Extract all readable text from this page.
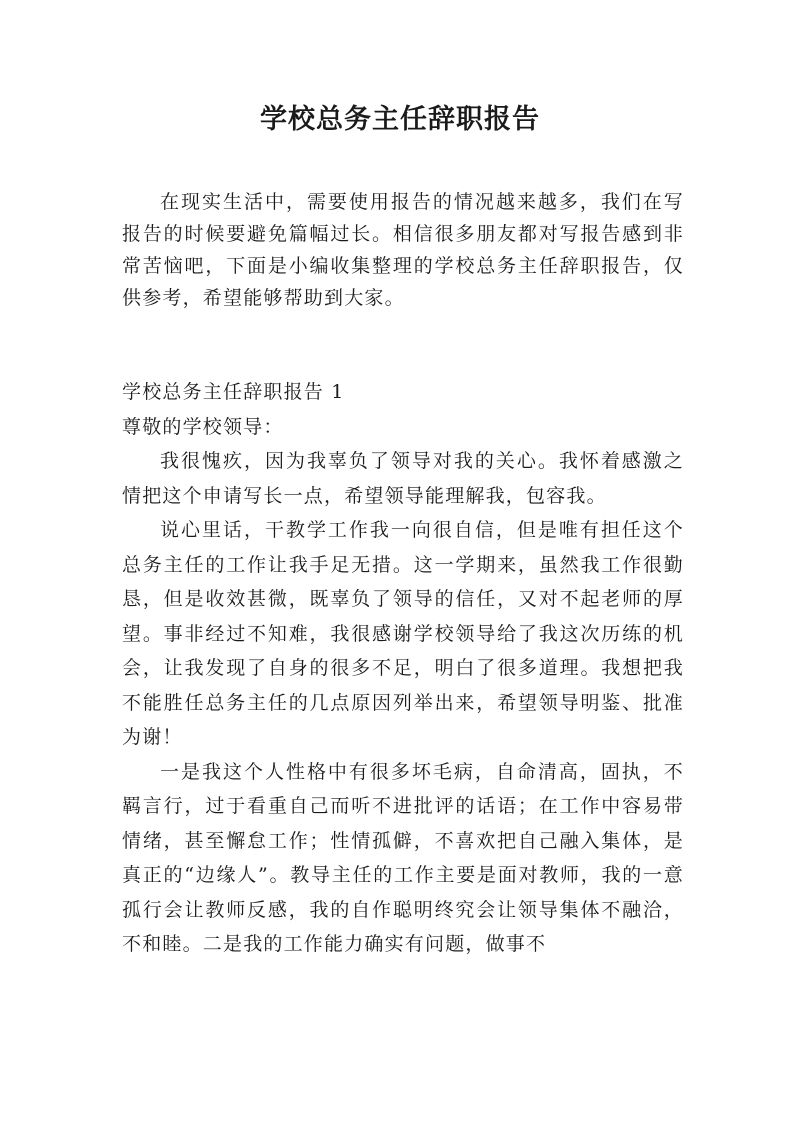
学校总务主任辞职报告

在现实生活中，需要使用报告的情况越来越多，我们在写报告的时候要避免篇幅过长。相信很多朋友都对写报告感到非常苦恼吧，下面是小编收集整理的学校总务主任辞职报告，仅供参考，希望能够帮助到大家。

学校总务主任辞职报告 1

尊敬的学校领导：

我很愧疚，因为我辜负了领导对我的关心。我怀着感激之情把这个申请写长一点，希望领导能理解我，包容我。

说心里话，干教学工作我一向很自信，但是唯有担任这个总务主任的工作让我手足无措。这一学期来，虽然我工作很勤恳，但是收效甚微，既辜负了领导的信任，又对不起老师的厚望。事非经过不知难，我很感谢学校领导给了我这次历练的机会，让我发现了自身的很多不足，明白了很多道理。我想把我不能胜任总务主任的几点原因列举出来，希望领导明鉴、批准为谢！

一是我这个人性格中有很多坏毛病，自命清高，固执，不羁言行，过于看重自己而听不进批评的话语；在工作中容易带情绪，甚至懈怠工作；性情孤僻，不喜欢把自己融入集体，是真正的“边缘人”。教导主任的工作主要是面对教师，我的一意孤行会让教师反感，我的自作聪明终究会让领导集体不融洽，不和睦。二是我的工作能力确实有问题，做事不
